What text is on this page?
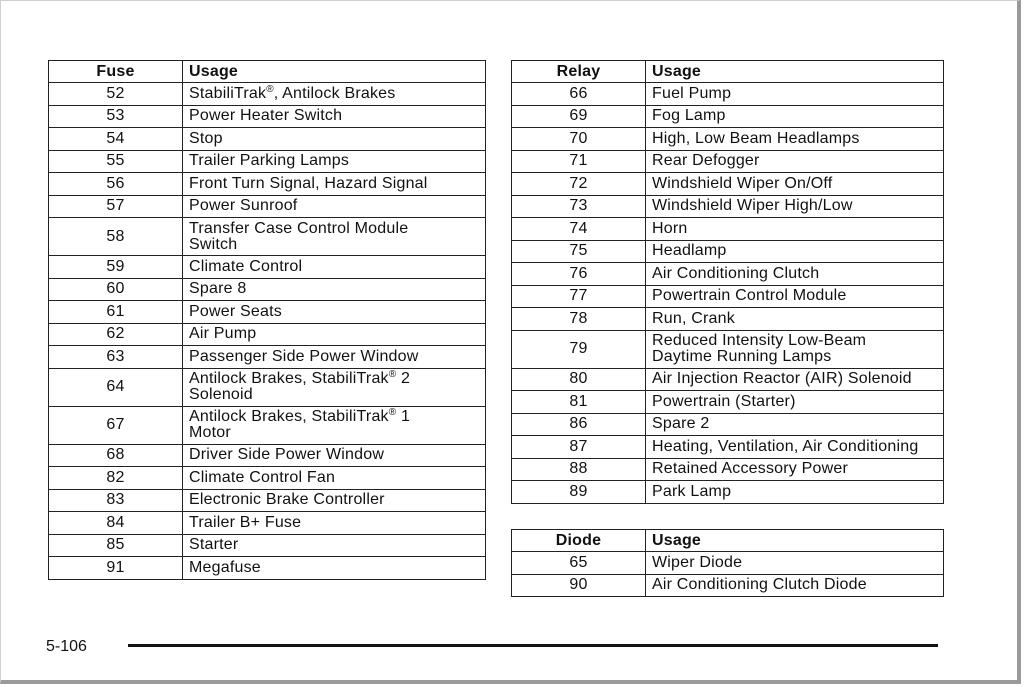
Fuse	Usage
52	StabiliTrak®, Antilock Brakes
53	Power Heater Switch
54	Stop
55	Trailer Parking Lamps
56	Front Turn Signal, Hazard Signal
57	Power Sunroof
58	Transfer Case Control Module
Switch
59	Climate Control
60	Spare 8
61	Power Seats
62	Air Pump
63	Passenger Side Power Window
64	Antilock Brakes, StabiliTrak® 2
Solenoid
67	Antilock Brakes, StabiliTrak® 1
Motor
68	Driver Side Power Window
82	Climate Control Fan
83	Electronic Brake Controller
84	Trailer B+ Fuse
85	Starter
91	Megafuse
Relay	Usage
66	Fuel Pump
69	Fog Lamp
70	High, Low Beam Headlamps
71	Rear Defogger
72	Windshield Wiper On/Off
73	Windshield Wiper High/Low
74	Horn
75	Headlamp
76	Air Conditioning Clutch
77	Powertrain Control Module
78	Run, Crank
79	Reduced Intensity Low-Beam
Daytime Running Lamps
80	Air Injection Reactor (AIR) Solenoid
81	Powertrain (Starter)
86	Spare 2
87	Heating, Ventilation, Air Conditioning
88	Retained Accessory Power
89	Park Lamp
Diode	Usage
65	Wiper Diode
90	Air Conditioning Clutch Diode
5-106
